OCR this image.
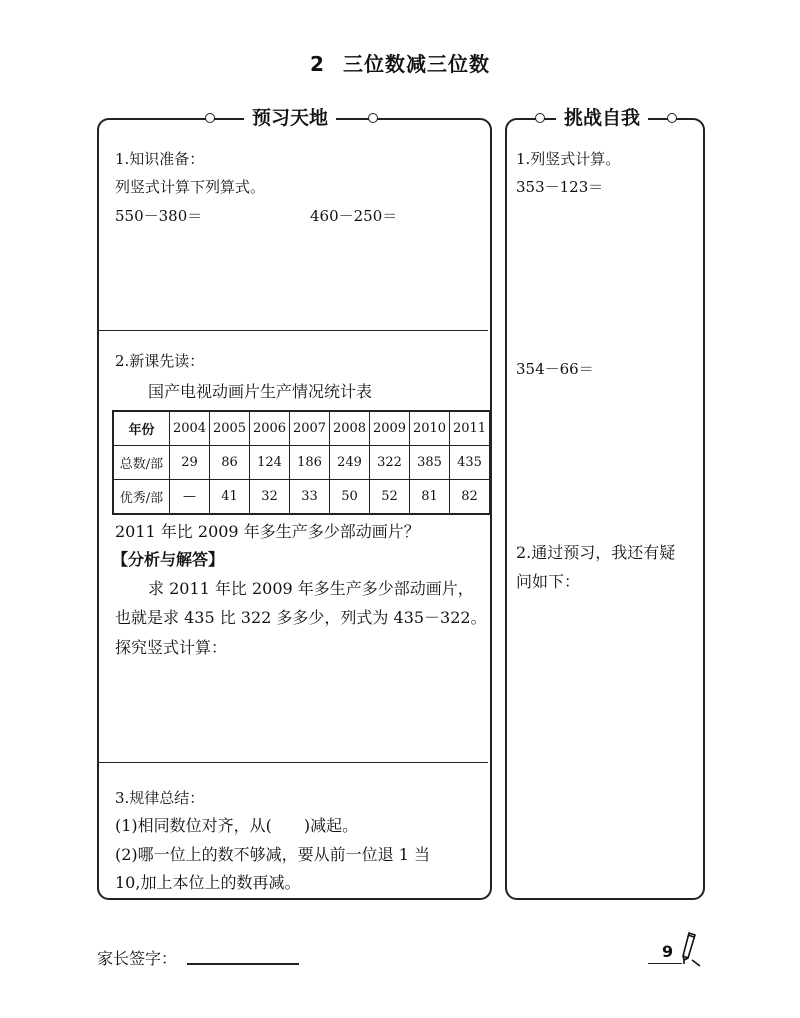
2 三位数减三位数
预习天地
1.知识准备：
列竖式计算下列算式。
550－380＝	460－250＝
2.新课先读：
国产电视动画片生产情况统计表
年份	2004	2005	2006	2007	2008	2009	2010	2011
总数/部	29	86	124	186	249	322	385	435
优秀/部	—	41	32	33	50	52	81	82
2011 年比 2009 年多生产多少部动画片？
【分析与解答】
求 2011 年比 2009 年多生产多少部动画片，
也就是求 435 比 322 多多少，列式为 435－322。
探究竖式计算：
3.规律总结：
(1)相同数位对齐，从(　　)减起。
(2)哪一位上的数不够减，要从前一位退 1 当
10,加上本位上的数再减。
挑战自我
1.列竖式计算。
353－123＝
354－66＝
2.通过预习，我还有疑
问如下：
家长签字：	9
